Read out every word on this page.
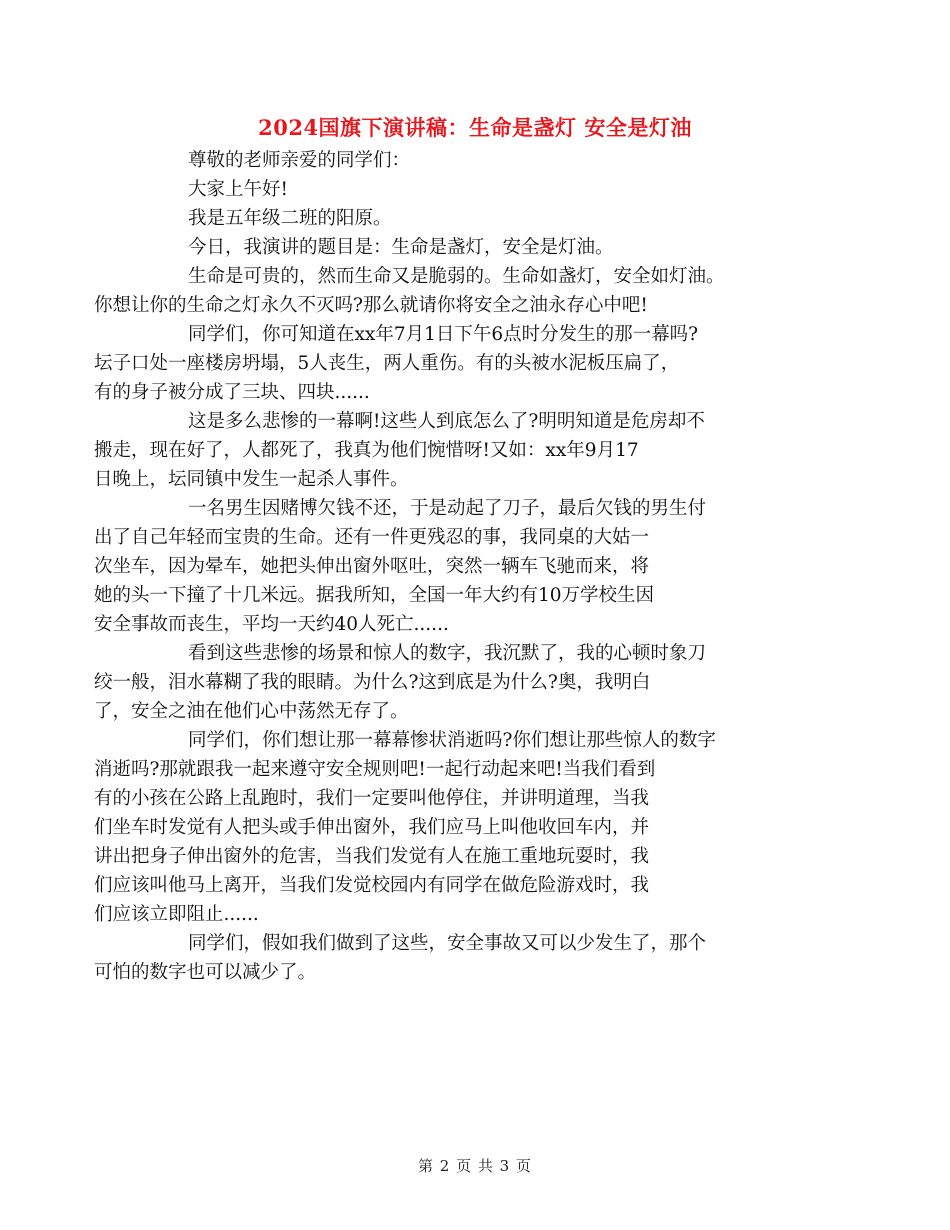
2024国旗下演讲稿：生命是盏灯 安全是灯油
尊敬的老师亲爱的同学们：
大家上午好!
我是五年级二班的阳原。
今日，我演讲的题目是：生命是盏灯，安全是灯油。
生命是可贵的，然而生命又是脆弱的。生命如盏灯，安全如灯油。
你想让你的生命之灯永久不灭吗?那么就请你将安全之油永存心中吧!
同学们，你可知道在xx年7月1日下午6点时分发生的那一幕吗?
坛子口处一座楼房坍塌，5人丧生，两人重伤。有的头被水泥板压扁了，
有的身子被分成了三块、四块......
这是多么悲惨的一幕啊!这些人到底怎么了?明明知道是危房却不
搬走，现在好了，人都死了，我真为他们惋惜呀!又如：xx年9月17
日晚上，坛同镇中发生一起杀人事件。
一名男生因赌博欠钱不还，于是动起了刀子，最后欠钱的男生付
出了自己年轻而宝贵的生命。还有一件更残忍的事，我同桌的大姑一
次坐车，因为晕车，她把头伸出窗外呕吐，突然一辆车飞驰而来，将
她的头一下撞了十几米远。据我所知，全国一年大约有10万学校生因
安全事故而丧生，平均一天约40人死亡......
看到这些悲惨的场景和惊人的数字，我沉默了，我的心顿时象刀
绞一般，泪水幕糊了我的眼睛。为什么?这到底是为什么?奥，我明白
了，安全之油在他们心中荡然无存了。
同学们，你们想让那一幕幕惨状消逝吗?你们想让那些惊人的数字
消逝吗?那就跟我一起来遵守安全规则吧!一起行动起来吧!当我们看到
有的小孩在公路上乱跑时，我们一定要叫他停住，并讲明道理，当我
们坐车时发觉有人把头或手伸出窗外，我们应马上叫他收回车内，并
讲出把身子伸出窗外的危害，当我们发觉有人在施工重地玩耍时，我
们应该叫他马上离开，当我们发觉校园内有同学在做危险游戏时，我
们应该立即阻止......
同学们，假如我们做到了这些，安全事故又可以少发生了，那个
可怕的数字也可以减少了。
第 2 页 共 3 页
